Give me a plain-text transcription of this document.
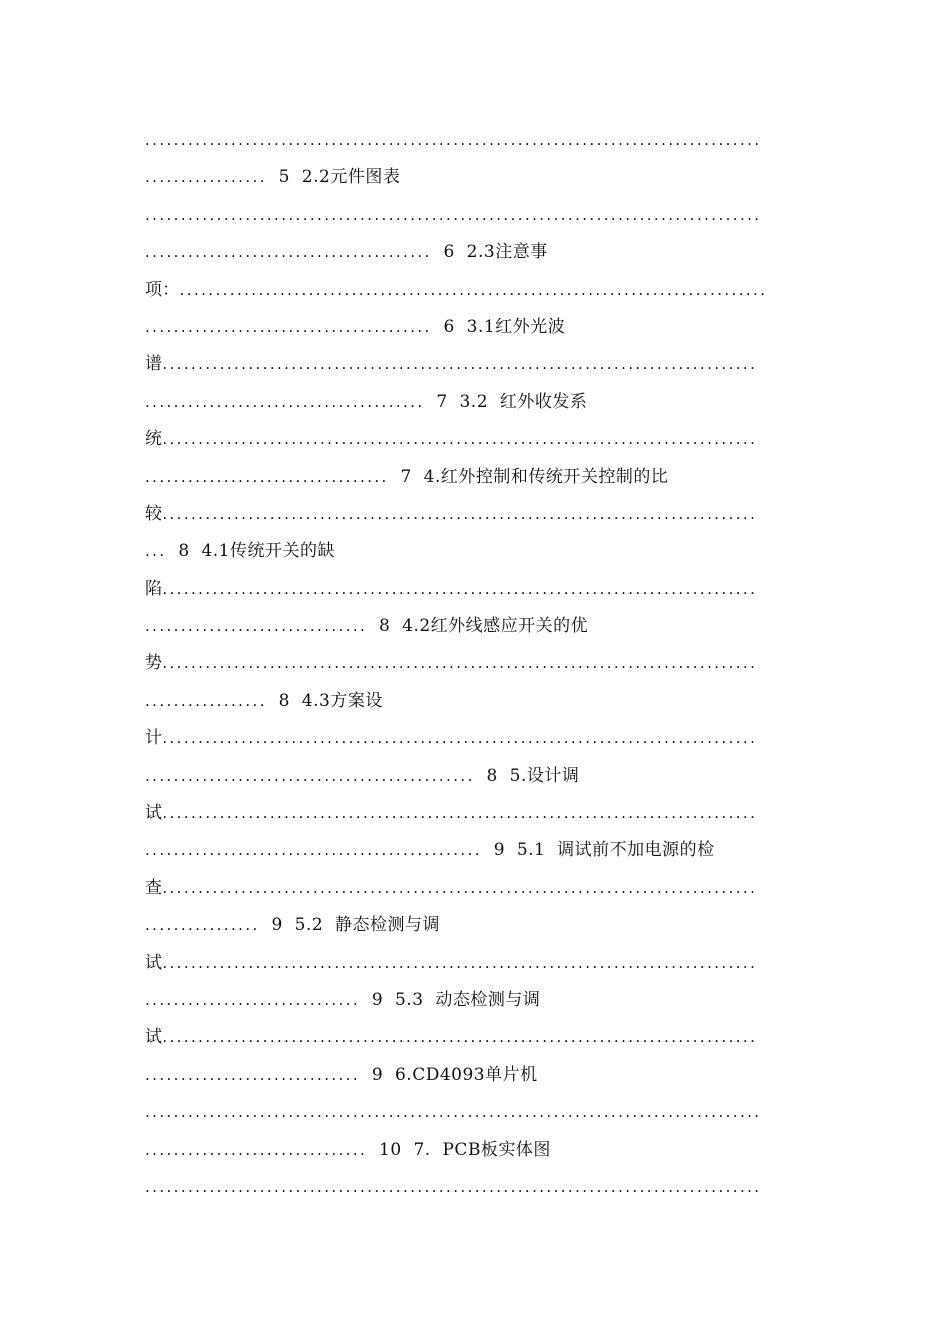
......................................................................................
.................  5  2.2元件图表
......................................................................................
........................................  6  2.3注意事
项：..................................................................................
........................................  6  3.1红外光波
谱...................................................................................
.......................................  7  3.2  红外收发系
统...................................................................................
..................................  7  4.红外控制和传统开关控制的比
较...................................................................................
...  8  4.1传统开关的缺
陷...................................................................................
...............................  8  4.2红外线感应开关的优
势...................................................................................
.................  8  4.3方案设
计...................................................................................
..............................................  8  5.设计调
试...................................................................................
...............................................  9  5.1  调试前不加电源的检
查...................................................................................
................  9  5.2  静态检测与调
试...................................................................................
..............................  9  5.3  动态检测与调
试...................................................................................
..............................  9  6.CD4093单片机
......................................................................................
...............................  10  7.  PCB板实体图
......................................................................................
